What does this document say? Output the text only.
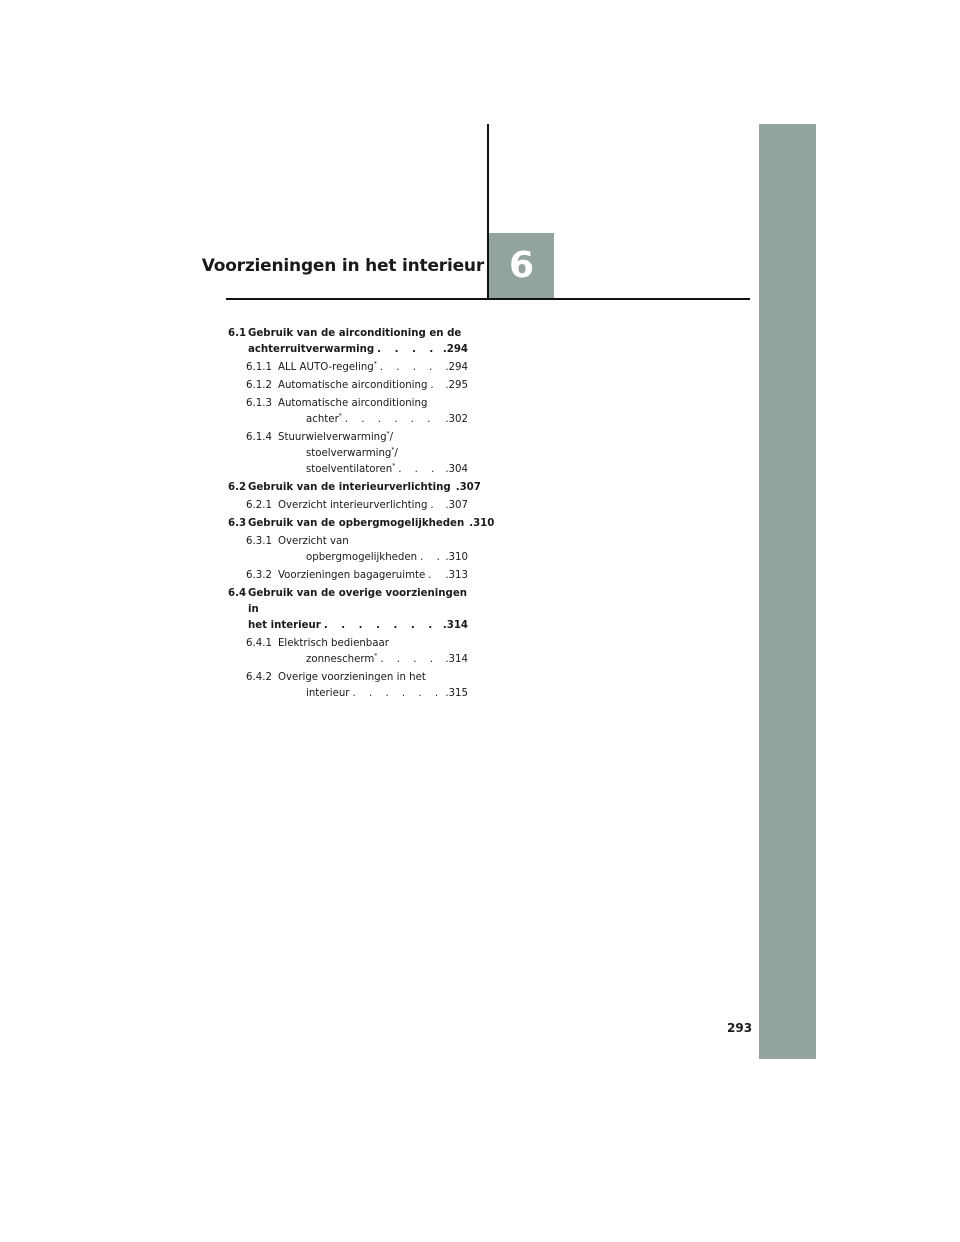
6
Voorzieningen in het interieur
6.1 Gebruik van de airconditioning en de
achterruitverwarming . . .	.294
6.1.1 ALL AUTO-regeling* . . .	.294
6.1.2 Automatische airconditioning . . . .295
6.1.3 Automatische airconditioning
achter* . . .	.302
6.1.4 Stuurwielverwarming*/
stoelverwarming*/
stoelventilatoren* . . .	.304
6.2 Gebruik van de interieurverlichting . . . .307
6.2.1 Overzicht interieurverlichting . . . .307
6.3 Gebruik van de opbergmogelijkheden . . . .310
6.3.1 Overzicht van
opbergmogelijkheden . . .	.310
6.3.2 Voorzieningen bagageruimte . . . .313
6.4 Gebruik van de overige voorzieningen in
het interieur . . .	.314
6.4.1 Elektrisch bedienbaar
zonnescherm* . . .	.314
6.4.2 Overige voorzieningen in het
interieur . . .	.315
293
